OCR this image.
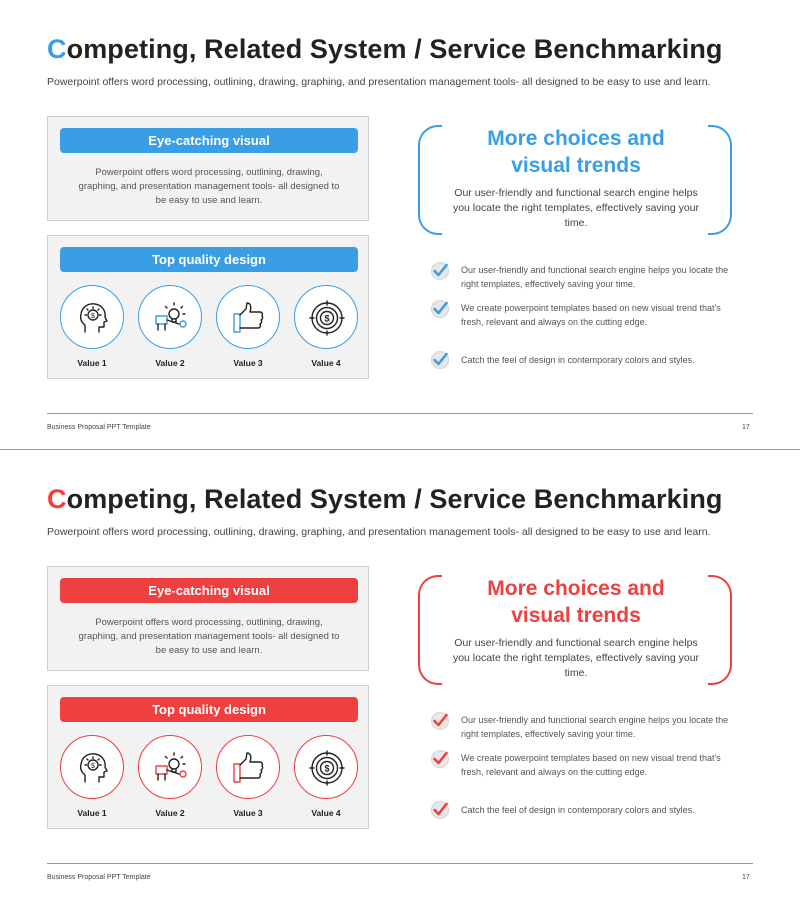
Competing, Related System / Service Benchmarking
Powerpoint offers word processing, outlining, drawing, graphing, and presentation management tools- all designed to be easy to use and learn.
Eye-catching visual
Powerpoint offers word processing, outlining, drawing, graphing, and presentation management tools- all designed to be easy to use and learn.
Top quality design
$
Value 1	Value 2	Value 3
$
Value 4
More choices and
visual trends
Our user-friendly and functional search engine helps you locate the right templates, effectively saving your time.
Our user-friendly and functional search engine helps you locate the right templates, effectively saving your time.
We create powerpoint templates based on new visual trend that's fresh, relevant and always on the cutting edge.
Catch the feel of design in contemporary colors and styles.
Business Proposal PPT Template	17
Competing, Related System / Service Benchmarking
Powerpoint offers word processing, outlining, drawing, graphing, and presentation management tools- all designed to be easy to use and learn.
Eye-catching visual
Powerpoint offers word processing, outlining, drawing, graphing, and presentation management tools- all designed to be easy to use and learn.
Top quality design
$
Value 1	Value 2	Value 3
$
Value 4
More choices and
visual trends
Our user-friendly and functional search engine helps you locate the right templates, effectively saving your time.
Our user-friendly and functional search engine helps you locate the right templates, effectively saving your time.
We create powerpoint templates based on new visual trend that's fresh, relevant and always on the cutting edge.
Catch the feel of design in contemporary colors and styles.
Business Proposal PPT Template	17
